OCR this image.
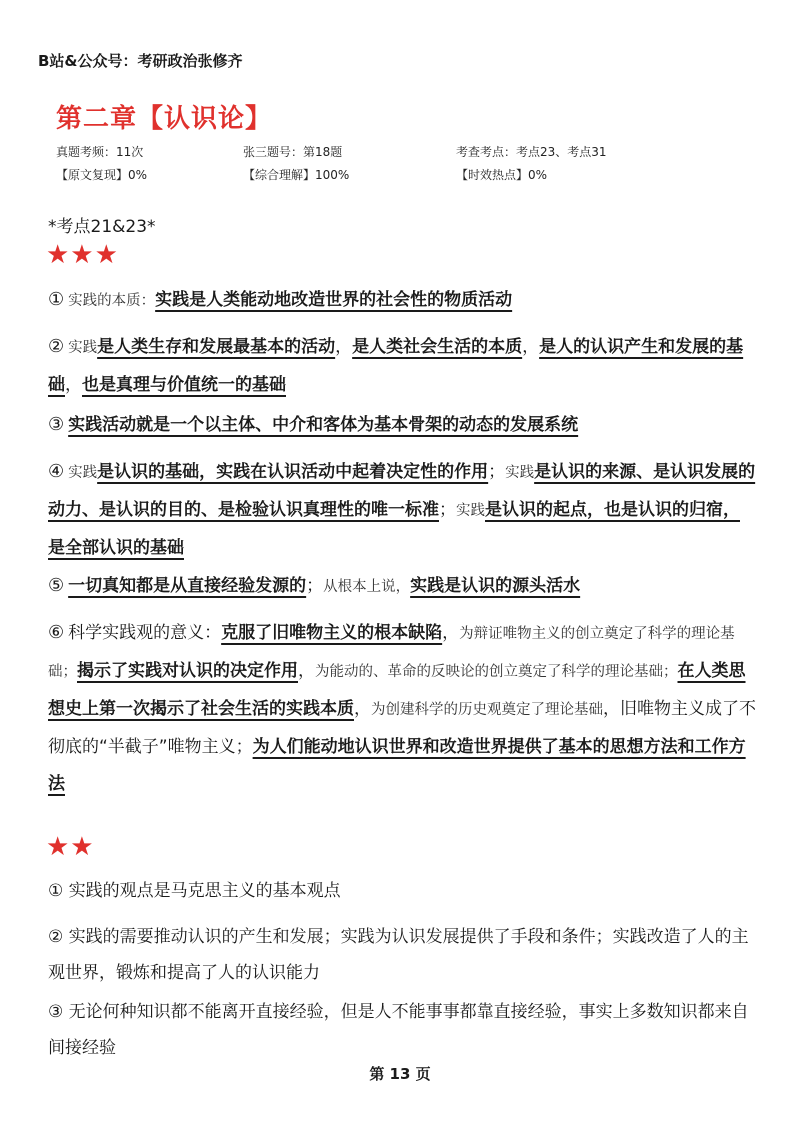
B站&公众号：考研政治张修齐
第二章【认识论】
真题考频：11次	张三题号：第18题	考查考点：考点23、考点31
【原文复现】0%	【综合理解】100%	【时效热点】0%
*考点21&23*
★★★
① 实践的本质：实践是人类能动地改造世界的社会性的物质活动
② 实践是人类生存和发展最基本的活动，是人类社会生活的本质，是人的认识产生和发展的基础，也是真理与价值统一的基础
③ 实践活动就是一个以主体、中介和客体为基本骨架的动态的发展系统
④ 实践是认识的基础，实践在认识活动中起着决定性的作用；实践是认识的来源、是认识发展的动力、是认识的目的、是检验认识真理性的唯一标准；实践是认识的起点，也是认识的归宿，是全部认识的基础
⑤ 一切真知都是从直接经验发源的；从根本上说，实践是认识的源头活水
⑥ 科学实践观的意义：克服了旧唯物主义的根本缺陷，为辩证唯物主义的创立奠定了科学的理论基础；揭示了实践对认识的决定作用，为能动的、革命的反映论的创立奠定了科学的理论基础；在人类思想史上第一次揭示了社会生活的实践本质，为创建科学的历史观奠定了理论基础，旧唯物主义成了不彻底的“半截子”唯物主义；为人们能动地认识世界和改造世界提供了基本的思想方法和工作方法
★★
① 实践的观点是马克思主义的基本观点
② 实践的需要推动认识的产生和发展；实践为认识发展提供了手段和条件；实践改造了人的主观世界，锻炼和提高了人的认识能力
③ 无论何种知识都不能离开直接经验，但是人不能事事都靠直接经验，事实上多数知识都来自间接经验
第 13 页
